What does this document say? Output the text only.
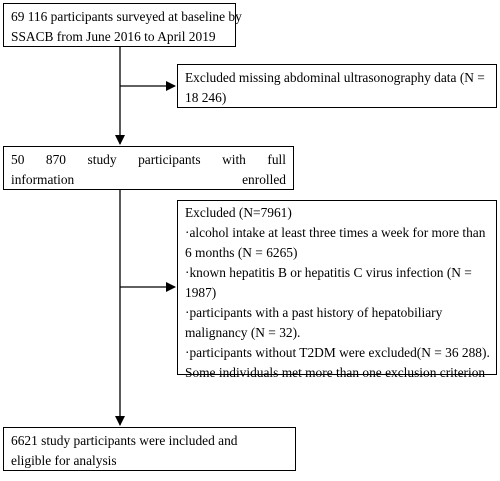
69 116 participants surveyed at baseline by
SSACB from June 2016 to April 2019
Excluded missing abdominal ultrasonography data (N =
18 246)
50 870 study participants with full
information enrolled
Excluded (N=7961)
·alcohol intake at least three times a week for more than
6 months (N = 6265)
·known hepatitis B or hepatitis C virus infection (N =
1987)
·participants with a past history of hepatobiliary
malignancy (N = 32).
·participants without T2DM were excluded(N = 36 288).
Some individuals met more than one exclusion criterion
6621 study participants were included and
eligible for analysis
